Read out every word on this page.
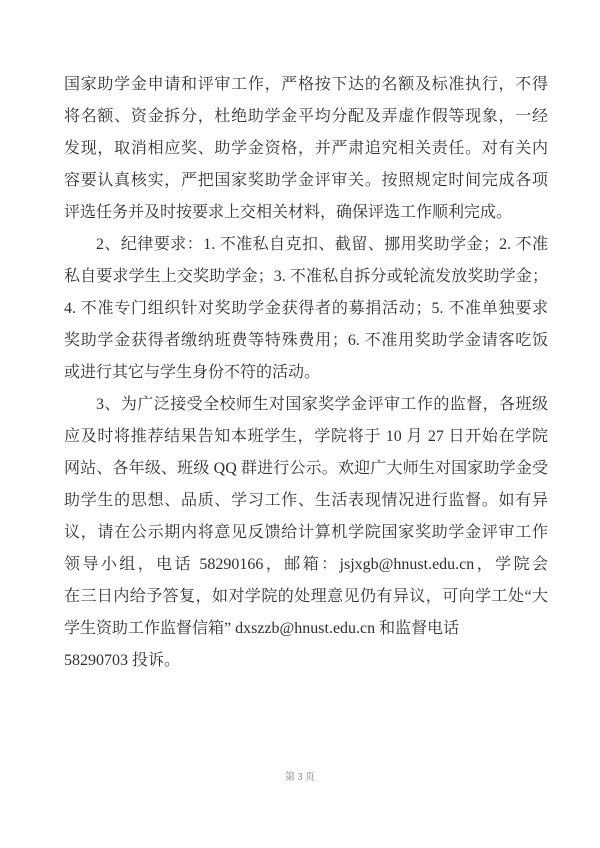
国家助学金申请和评审工作，严格按下达的名额及标准执行，不得
将名额、资金拆分，杜绝助学金平均分配及弄虚作假等现象，一经
发现，取消相应奖、助学金资格，并严肃追究相关责任。对有关内
容要认真核实，严把国家奖助学金评审关。按照规定时间完成各项
评选任务并及时按要求上交相关材料，确保评选工作顺利完成。
2、纪律要求：1. 不准私自克扣、截留、挪用奖助学金；2. 不准
私自要求学生上交奖助学金；3. 不准私自拆分或轮流发放奖助学金；
4. 不准专门组织针对奖助学金获得者的募捐活动；5. 不准单独要求
奖助学金获得者缴纳班费等特殊费用；6. 不准用奖助学金请客吃饭
或进行其它与学生身份不符的活动。
3、为广泛接受全校师生对国家奖学金评审工作的监督，各班级
应及时将推荐结果告知本班学生，学院将于 10 月 27 日开始在学院
网站、各年级、班级 QQ 群进行公示。欢迎广大师生对国家助学金受
助学生的思想、品质、学习工作、生活表现情况进行监督。如有异
议，请在公示期内将意见反馈给计算机学院国家奖助学金评审工作
领导小组，电话 58290166，邮箱：jsjxgb@hnust.edu.cn，学院会
在三日内给予答复，如对学院的处理意见仍有异议，可向学工处“大
学生资助工作监督信箱” dxszzb@hnust.edu.cn 和监督电话
58290703 投诉。
第 3 页
